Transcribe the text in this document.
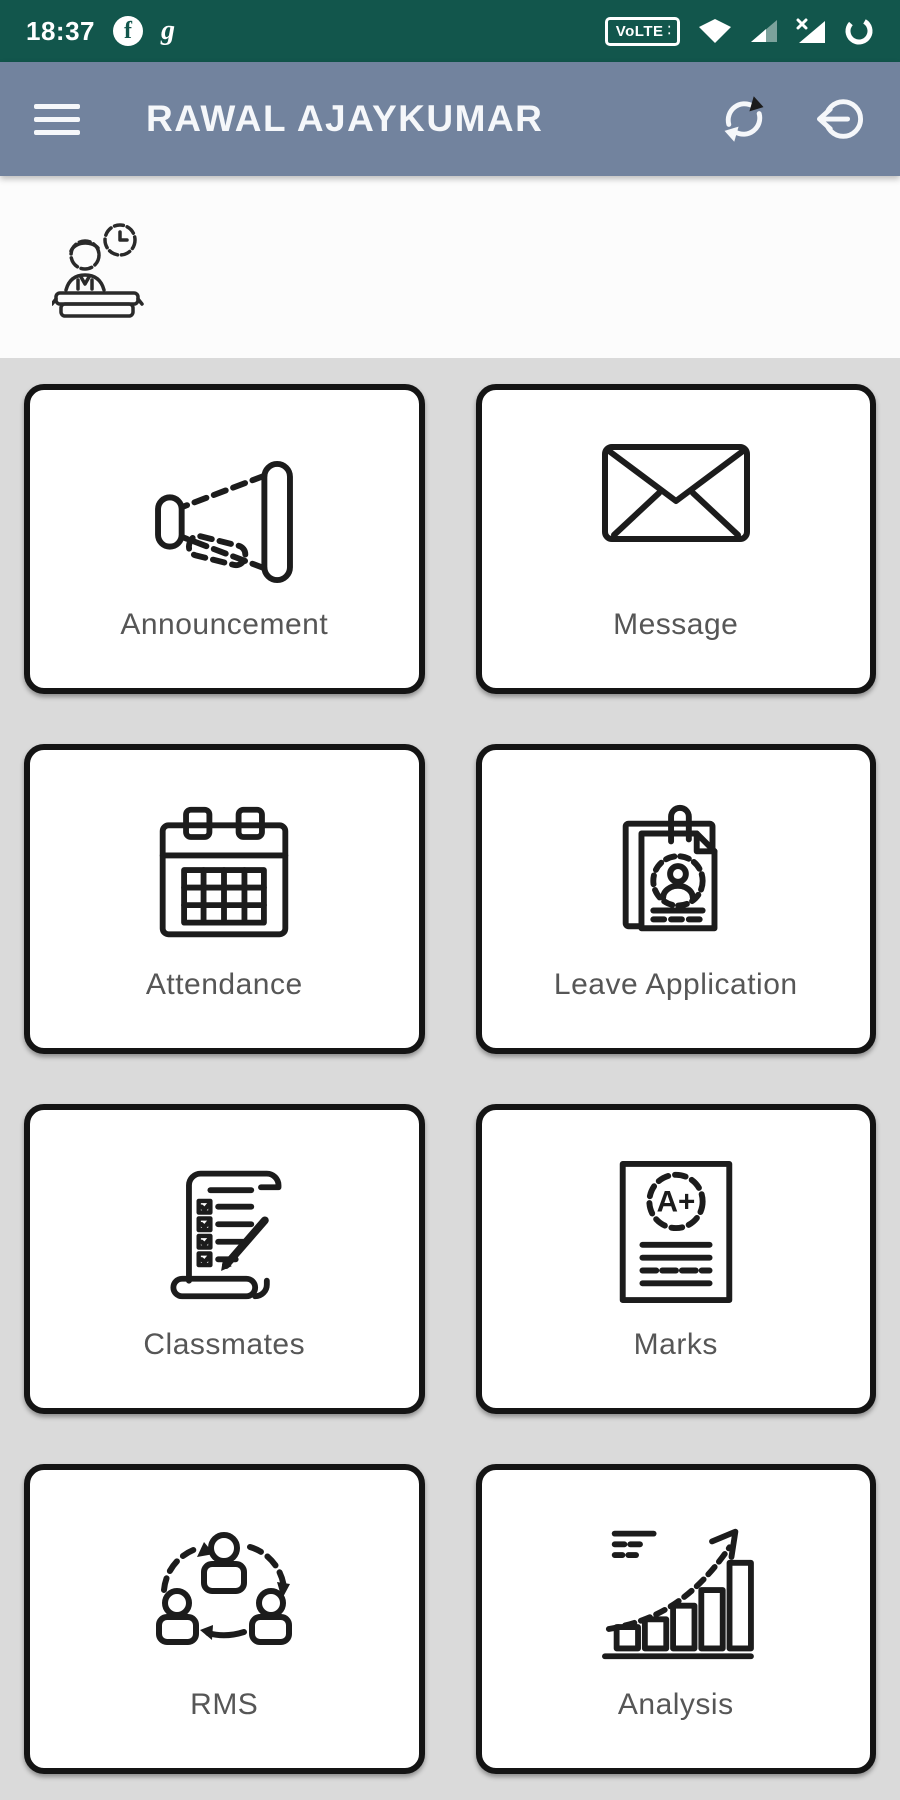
18:37	f	g	VoLTE ⁚
RAWAL AJAYKUMAR
Announcement	Message
Attendance	Leave Application
Classmates
A+
Marks
RMS	Analysis
